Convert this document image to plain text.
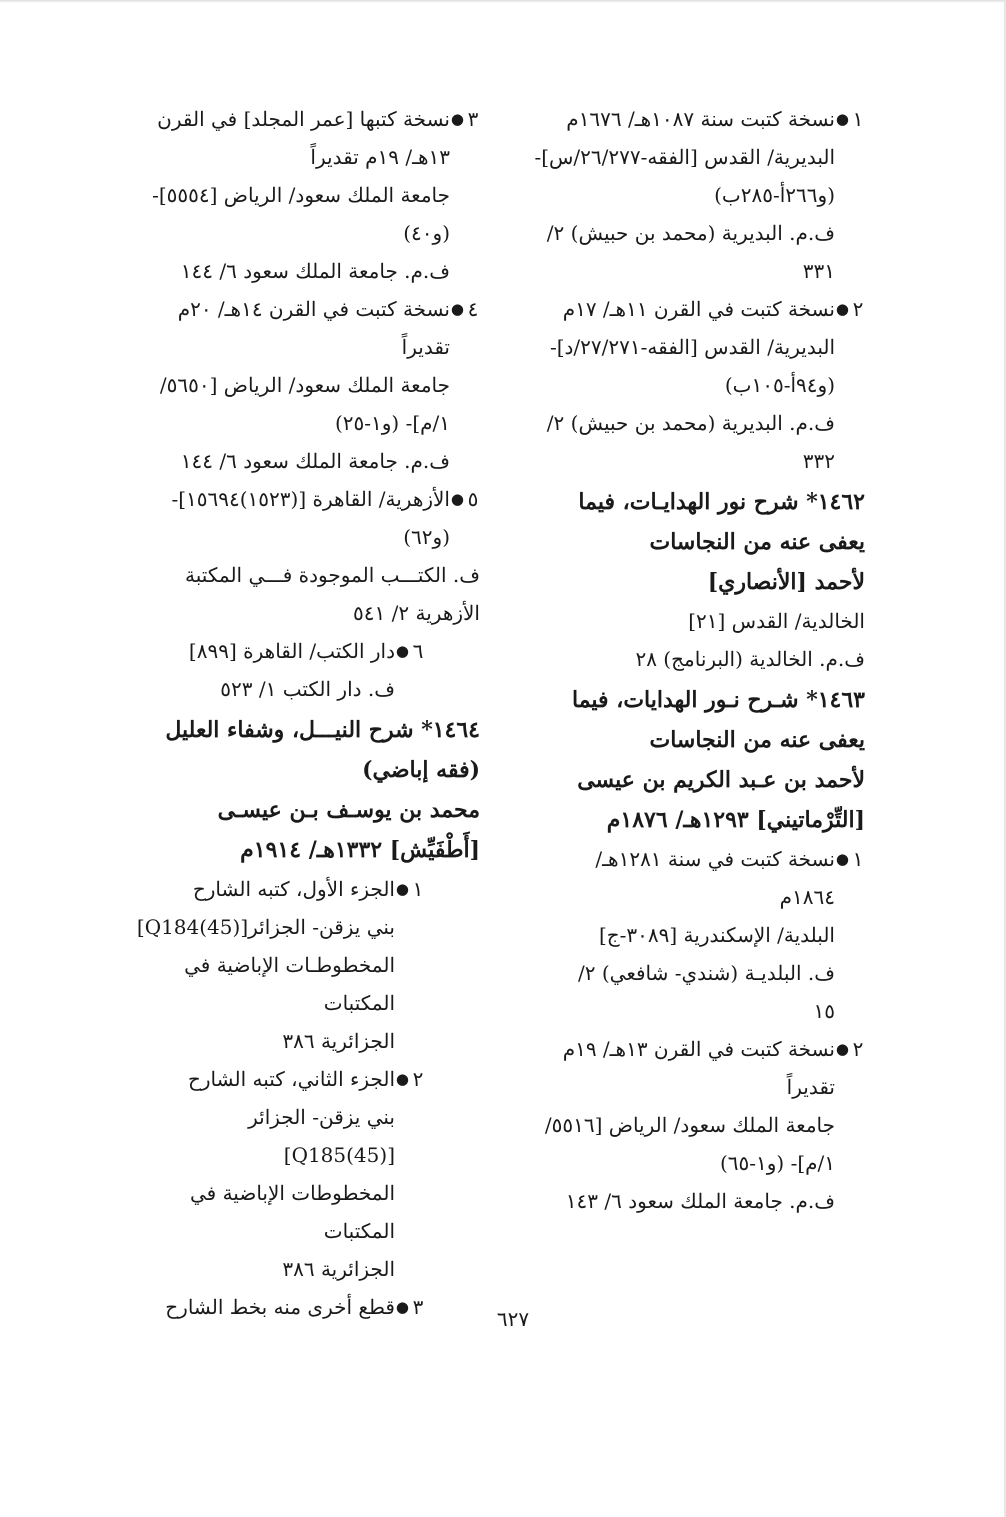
١
●
نسخة كتبت سنة ١٠٨٧هـ/ ١٦٧٦م
البديرية/ القدس [الفقه-٢٦/٢٧٧/س]-
(و٢٦٦أ-٢٨٥ب)
ف.م. البديرية (محمد بن حبيش) ٢/
٣٣١
٢
●
نسخة كتبت في القرن ١١هـ/ ١٧م
البديرية/ القدس [الفقه-٢٧/٢٧١/د]-
(و٩٤أ-١٠٥ب)
ف.م. البديرية (محمد بن حبيش) ٢/
٣٣٢
١٤٦٢* شرح نور الهدايـات، فيما
يعفى عنه من النجاسات
لأحمد [الأنصاري]
الخالدية/ القدس [٢١]
ف.م. الخالدية (البرنامج) ٢٨
١٤٦٣* شـرح نـور الهدايات، فيما
يعفى عنه من النجاسات
لأحمد بن عـبد الكريم بن عيسى
[التِّرْماتيني] ١٢٩٣هـ/ ١٨٧٦م
١
●
نسخة كتبت في سنة ١٢٨١هـ/
١٨٦٤م
البلدية/ الإسكندرية [٣٠٨٩-ج]
ف. البلديـة (شندي- شافعي) ٢/
١٥
٢
●
نسخة كتبت في القرن ١٣هـ/ ١٩م
تقديراً
جامعة الملك سعود/ الرياض [٥٥١٦/
١/م]- (و١-٦٥)
ف.م. جامعة الملك سعود ٦/ ١٤٣
٣
●
نسخة كتبها [عمر المجلد] في القرن
١٣هـ/ ١٩م تقديراً
جامعة الملك سعود/ الرياض [٥٥٥٤]-
(و٤٠)
ف.م. جامعة الملك سعود ٦/ ١٤٤
٤
●
نسخة كتبت في القرن ١٤هـ/ ٢٠م
تقديراً
جامعة الملك سعود/ الرياض [٥٦٥٠/
١/م]- (و١-٢٥)
ف.م. جامعة الملك سعود ٦/ ١٤٤
٥
●
الأزهرية/ القاهرة [(١٥٢٣)١٥٦٩٤]-
(و٦٢)
ف. الكتـــب الموجودة فـــي المكتبة
الأزهرية ٢/ ٥٤١
٦
●
دار الكتب/ القاهرة [٨٩٩]
ف. دار الكتب ١/ ٥٢٣
١٤٦٤* شرح النيـــل، وشفاء العليل
(فقه إباضي)
محمد بن يوسـف بـن عيسـى
[أَطْفَيِّش] ١٣٣٢هـ/ ١٩١٤م
١
●
الجزء الأول، كتبه الشارح
بني يزقن- الجزائر[Q184(45)]
المخطوطـات الإباضية في المكتبات
الجزائرية ٣٨٦
٢
●
الجزء الثاني، كتبه الشارح
بني يزقن- الجزائر [Q185(45)]
المخطوطات الإباضية في المكتبات
الجزائرية ٣٨٦
٣
●
قطع أخرى منه بخط الشارح	٦٢٧
